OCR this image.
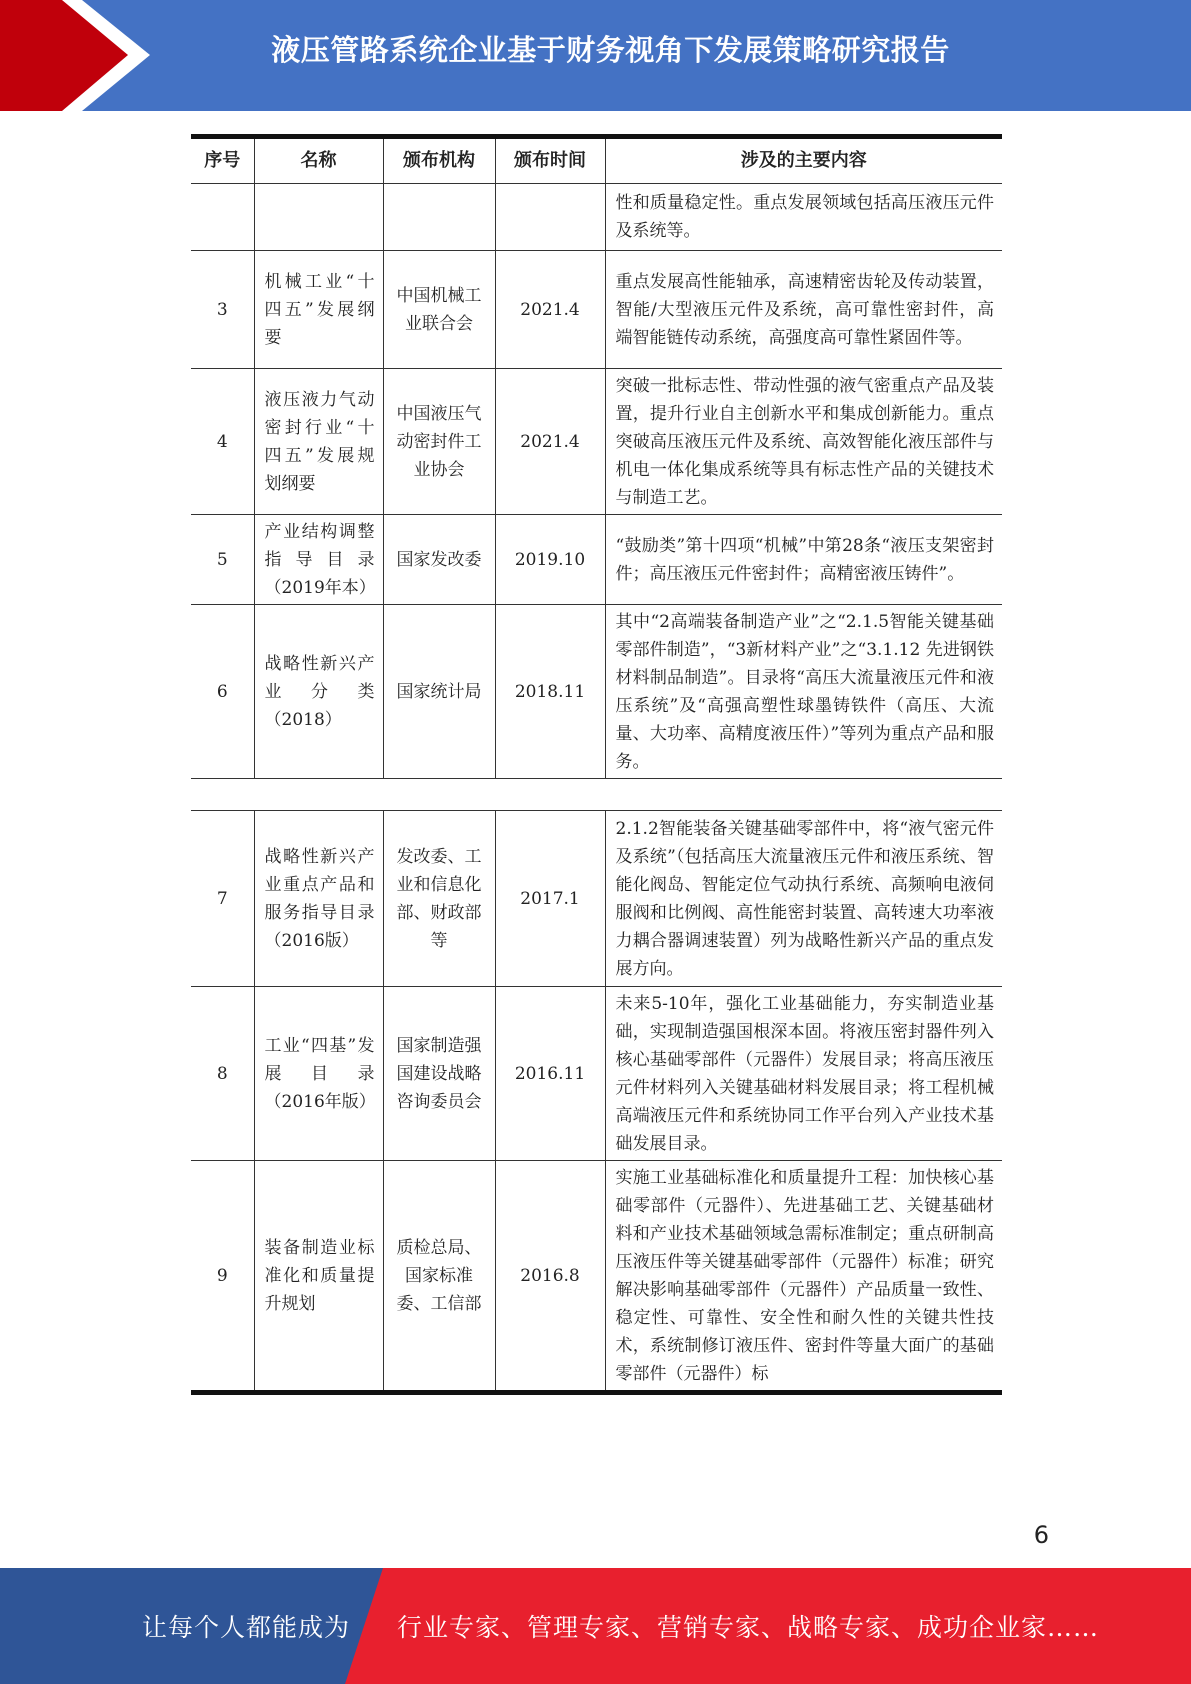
液压管路系统企业基于财务视角下发展策略研究报告
序号	名称	颁布机构	颁布时间	涉及的主要内容
				性和质量稳定性。重点发展领域包括高压液压元件及系统等。
3	机械工业“十四五”发展纲要	中国机械工业联合会	2021.4	重点发展高性能轴承，高速精密齿轮及传动装置，智能/大型液压元件及系统，高可靠性密封件，高端智能链传动系统，高强度高可靠性紧固件等。
4	液压液力气动密封行业“十四五”发展规划纲要	中国液压气动密封件工业协会	2021.4	突破一批标志性、带动性强的液气密重点产品及装置，提升行业自主创新水平和集成创新能力。重点突破高压液压元件及系统、高效智能化液压部件与机电一体化集成系统等具有标志性产品的关键技术与制造工艺。
5	产业结构调整指导目录（2019年本）	国家发改委	2019.10	“鼓励类”第十四项“机械”中第28条“液压支架密封件；高压液压元件密封件；高精密液压铸件”。
6	战略性新兴产业分类（2018）	国家统计局	2018.11	其中“2高端装备制造产业”之“2.1.5智能关键基础零部件制造”，“3新材料产业”之“3.1.12 先进钢铁材料制品制造”。目录将“高压大流量液压元件和液压系统”及“高强高塑性球墨铸铁件（高压、大流量、大功率、高精度液压件）”等列为重点产品和服务。
7	战略性新兴产业重点产品和服务指导目录（2016版）	发改委、工业和信息化部、财政部等	2017.1	2.1.2智能装备关键基础零部件中，将“液气密元件及系统”（包括高压大流量液压元件和液压系统、智能化阀岛、智能定位气动执行系统、高频响电液伺服阀和比例阀、高性能密封装置、高转速大功率液力耦合器调速装置）列为战略性新兴产品的重点发展方向。
8	工业“四基”发展目录（2016年版）	国家制造强国建设战略咨询委员会	2016.11	未来5-10年，强化工业基础能力，夯实制造业基础，实现制造强国根深本固。将液压密封器件列入核心基础零部件（元器件）发展目录；将高压液压元件材料列入关键基础材料发展目录；将工程机械高端液压元件和系统协同工作平台列入产业技术基础发展目录。
9	装备制造业标准化和质量提升规划	质检总局、国家标准委、工信部	2016.8	实施工业基础标准化和质量提升工程：加快核心基础零部件（元器件）、先进基础工艺、关键基础材料和产业技术基础领域急需标准制定；重点研制高压液压件等关键基础零部件（元器件）标准；研究解决影响基础零部件（元器件）产品质量一致性、稳定性、可靠性、安全性和耐久性的关键共性技术，系统制修订液压件、密封件等量大面广的基础零部件（元器件）标
6
让每个人都能成为 行业专家、管理专家、营销专家、战略专家、成功企业家……
